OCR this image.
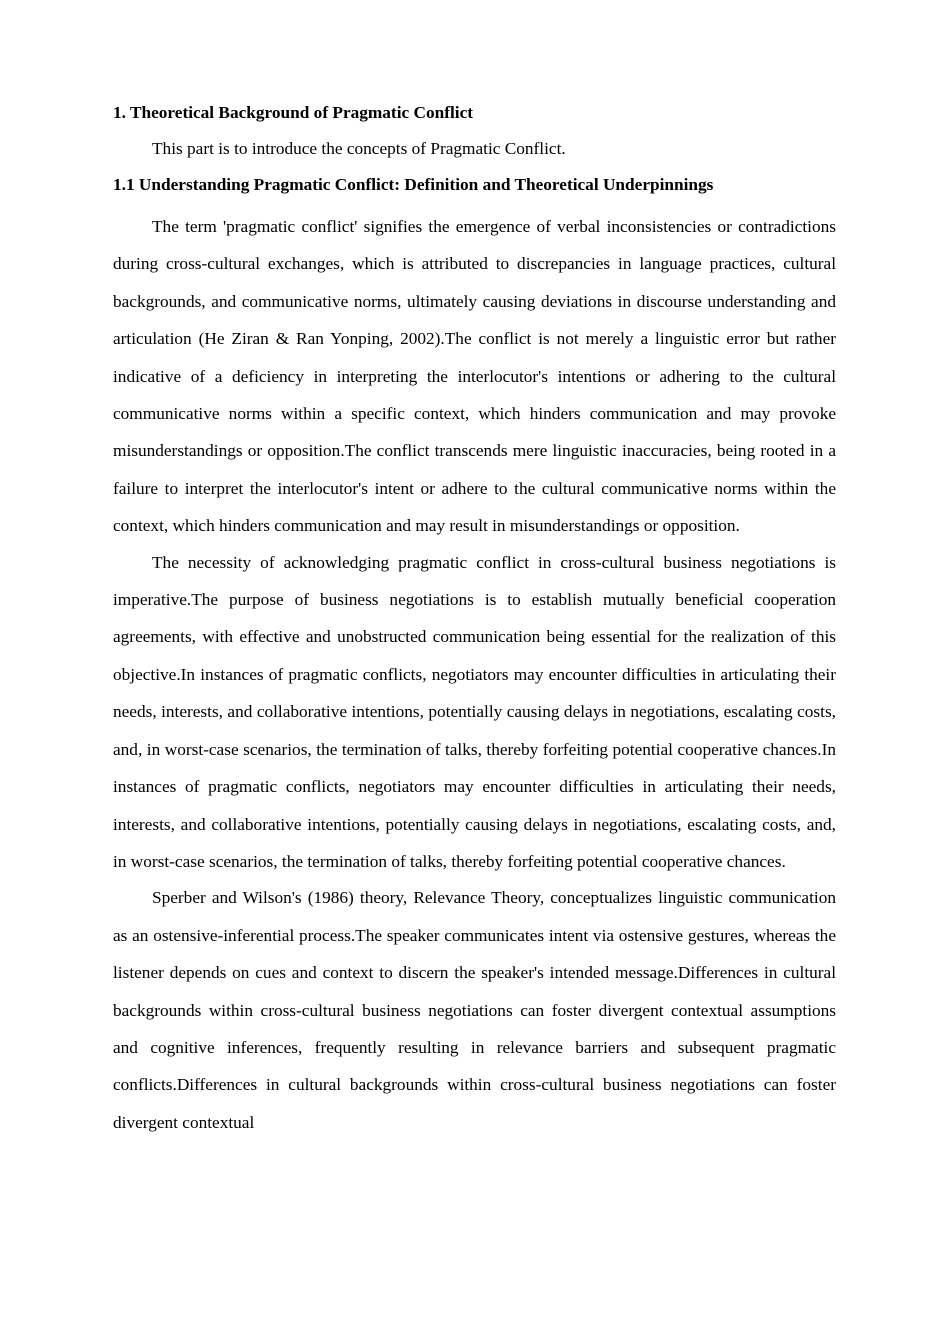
1. Theoretical Background of Pragmatic Conflict
This part is to introduce the concepts of Pragmatic Conflict.
1.1 Understanding Pragmatic Conflict: Definition and Theoretical Underpinnings

The term 'pragmatic conflict' signifies the emergence of verbal inconsistencies or contradictions during cross-cultural exchanges, which is attributed to discrepancies in language practices, cultural backgrounds, and communicative norms, ultimately causing deviations in discourse understanding and articulation (He Ziran & Ran Yonping, 2002).The conflict is not merely a linguistic error but rather indicative of a deficiency in interpreting the interlocutor's intentions or adhering to the cultural communicative norms within a specific context, which hinders communication and may provoke misunderstandings or opposition.The conflict transcends mere linguistic inaccuracies, being rooted in a failure to interpret the interlocutor's intent or adhere to the cultural communicative norms within the context, which hinders communication and may result in misunderstandings or opposition.

The necessity of acknowledging pragmatic conflict in cross-cultural business negotiations is imperative.The purpose of business negotiations is to establish mutually beneficial cooperation agreements, with effective and unobstructed communication being essential for the realization of this objective.In instances of pragmatic conflicts, negotiators may encounter difficulties in articulating their needs, interests, and collaborative intentions, potentially causing delays in negotiations, escalating costs, and, in worst-case scenarios, the termination of talks, thereby forfeiting potential cooperative chances.In instances of pragmatic conflicts, negotiators may encounter difficulties in articulating their needs, interests, and collaborative intentions, potentially causing delays in negotiations, escalating costs, and, in worst-case scenarios, the termination of talks, thereby forfeiting potential cooperative chances.

Sperber and Wilson's (1986) theory, Relevance Theory, conceptualizes linguistic communication as an ostensive-inferential process.The speaker communicates intent via ostensive gestures, whereas the listener depends on cues and context to discern the speaker's intended message.Differences in cultural backgrounds within cross-cultural business negotiations can foster divergent contextual assumptions and cognitive inferences, frequently resulting in relevance barriers and subsequent pragmatic conflicts.Differences in cultural backgrounds within cross-cultural business negotiations can foster divergent contextual
